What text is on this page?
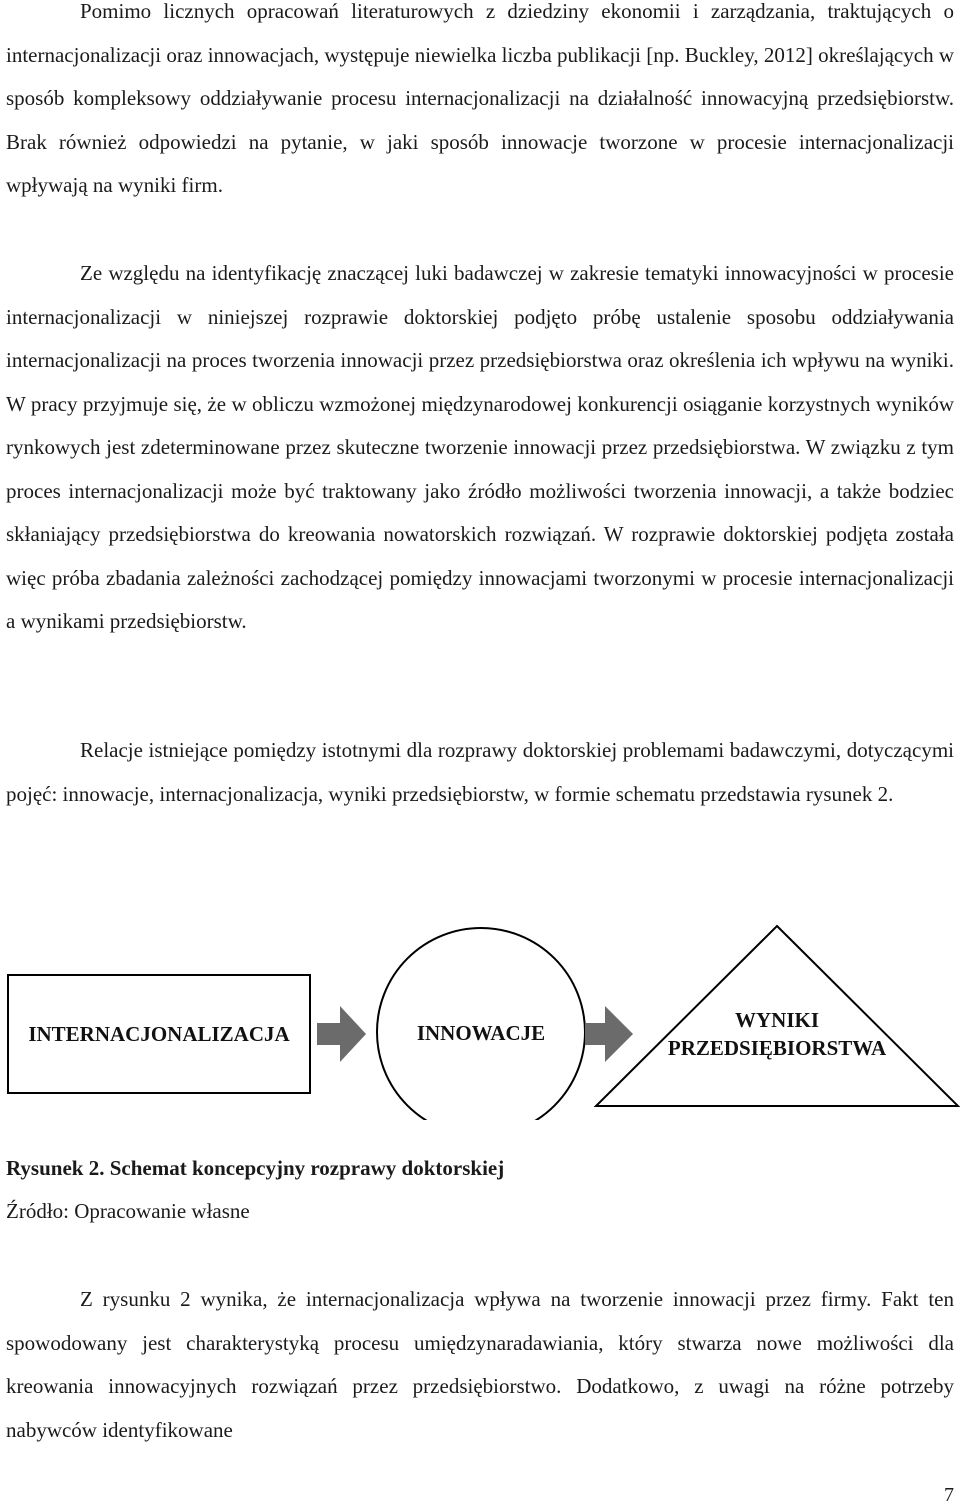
Pomimo licznych opracowań literaturowych z dziedziny ekonomii i zarządzania, traktujących o internacjonalizacji oraz innowacjach, występuje niewielka liczba publikacji [np. Buckley, 2012] określających w sposób kompleksowy oddziaływanie procesu internacjonalizacji na działalność innowacyjną przedsiębiorstw. Brak również odpowiedzi na pytanie, w jaki sposób innowacje tworzone w procesie internacjonalizacji wpływają na wyniki firm.

Ze względu na identyfikację znaczącej luki badawczej w zakresie tematyki innowacyjności w procesie internacjonalizacji w niniejszej rozprawie doktorskiej podjęto próbę ustalenie sposobu oddziaływania internacjonalizacji na proces tworzenia innowacji przez przedsiębiorstwa oraz określenia ich wpływu na wyniki. W pracy przyjmuje się, że w obliczu wzmożonej międzynarodowej konkurencji osiąganie korzystnych wyników rynkowych jest zdeterminowane przez skuteczne tworzenie innowacji przez przedsiębiorstwa. W związku z tym proces internacjonalizacji może być traktowany jako źródło możliwości tworzenia innowacji, a także bodziec skłaniający przedsiębiorstwa do kreowania nowatorskich rozwiązań. W rozprawie doktorskiej podjęta została więc próba zbadania zależności zachodzącej pomiędzy innowacjami tworzonymi w procesie internacjonalizacji a wynikami przedsiębiorstw.

Relacje istniejące pomiędzy istotnymi dla rozprawy doktorskiej problemami badawczymi, dotyczącymi pojęć: innowacje, internacjonalizacja, wyniki przedsiębiorstw, w formie schematu przedstawia rysunek 2.

INTERNACJONALIZACJA	INNOWACJE
WYNIKI
PRZEDSIĘBIORSTWA

Rysunek 2. Schemat koncepcyjny rozprawy doktorskiej

Źródło: Opracowanie własne

Z rysunku 2 wynika, że internacjonalizacja wpływa na tworzenie innowacji przez firmy. Fakt ten spowodowany jest charakterystyką procesu umiędzynaradawiania, który stwarza nowe możliwości dla kreowania innowacyjnych rozwiązań przez przedsiębiorstwo. Dodatkowo, z uwagi na różne potrzeby nabywców identyfikowane

7
